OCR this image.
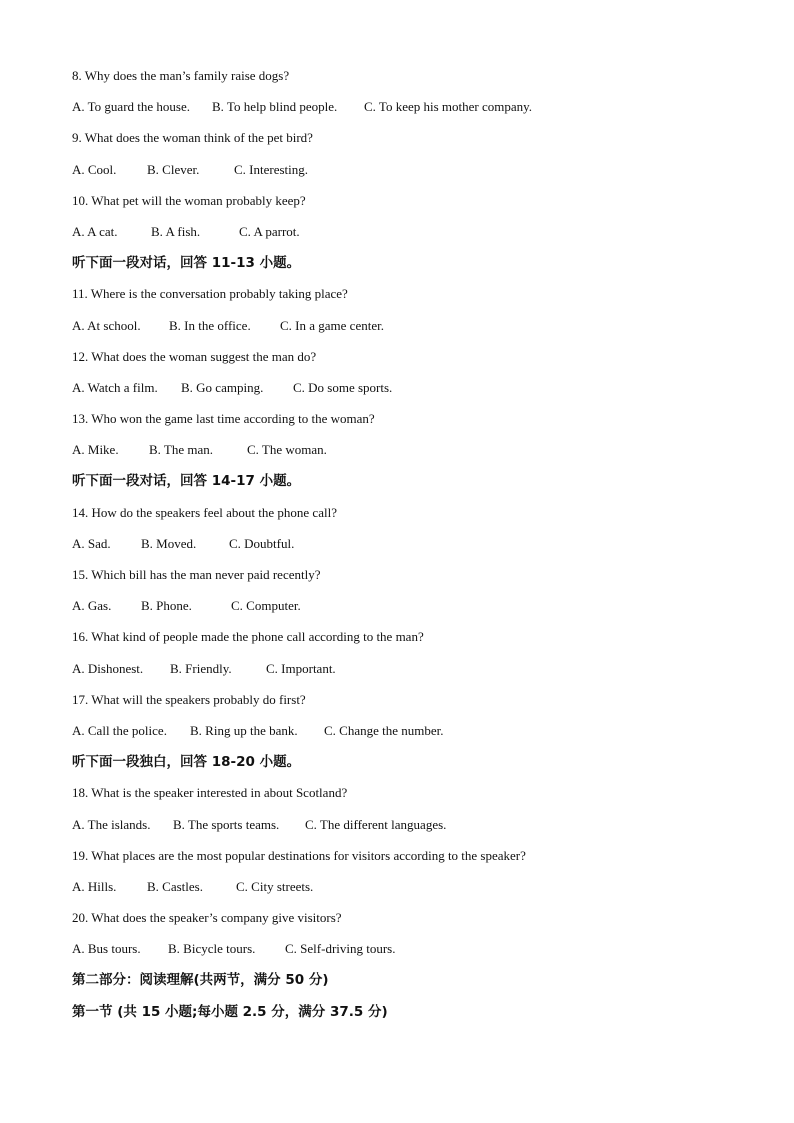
8. Why does the man’s family raise dogs?
A. To guard the house. B. To help blind people. C. To keep his mother company.
9. What does the woman think of the pet bird?
A. Cool. B. Clever.	C. Interesting.
10. What pet will the woman probably keep?
A. A cat.	B. A fish.	C. A parrot.
听下面一段对话，回答 11-13 小题。
11. Where is the conversation probably taking place?
A. At school. B. In the office. C. In a game center.
12. What does the woman suggest the man do?
A. Watch a film. B. Go camping. C. Do some sports.
13. Who won the game last time according to the woman?
A. Mike. B. The man.	C. The woman.
听下面一段对话，回答 14-17 小题。
14. How do the speakers feel about the phone call?
A. Sad. B. Moved.	C. Doubtful.
15. Which bill has the man never paid recently?
A. Gas. B. Phone.	C. Computer.
16. What kind of people made the phone call according to the man?
A. Dishonest. B. Friendly.	C. Important.
17. What will the speakers probably do first?
A. Call the police. B. Ring up the bank. C. Change the number.
听下面一段独白，回答 18-20 小题。
18. What is the speaker interested in about Scotland?
A. The islands. B. The sports teams. C. The different languages.
19. What places are the most popular destinations for visitors according to the speaker?
A. Hills. B. Castles.	C. City streets.
20. What does the speaker’s company give visitors?
A. Bus tours. B. Bicycle tours. C. Self-driving tours.
第二部分：阅读理解(共两节，满分 50 分)
第一节 (共 15 小题;每小题 2.5 分，满分 37.5 分)
